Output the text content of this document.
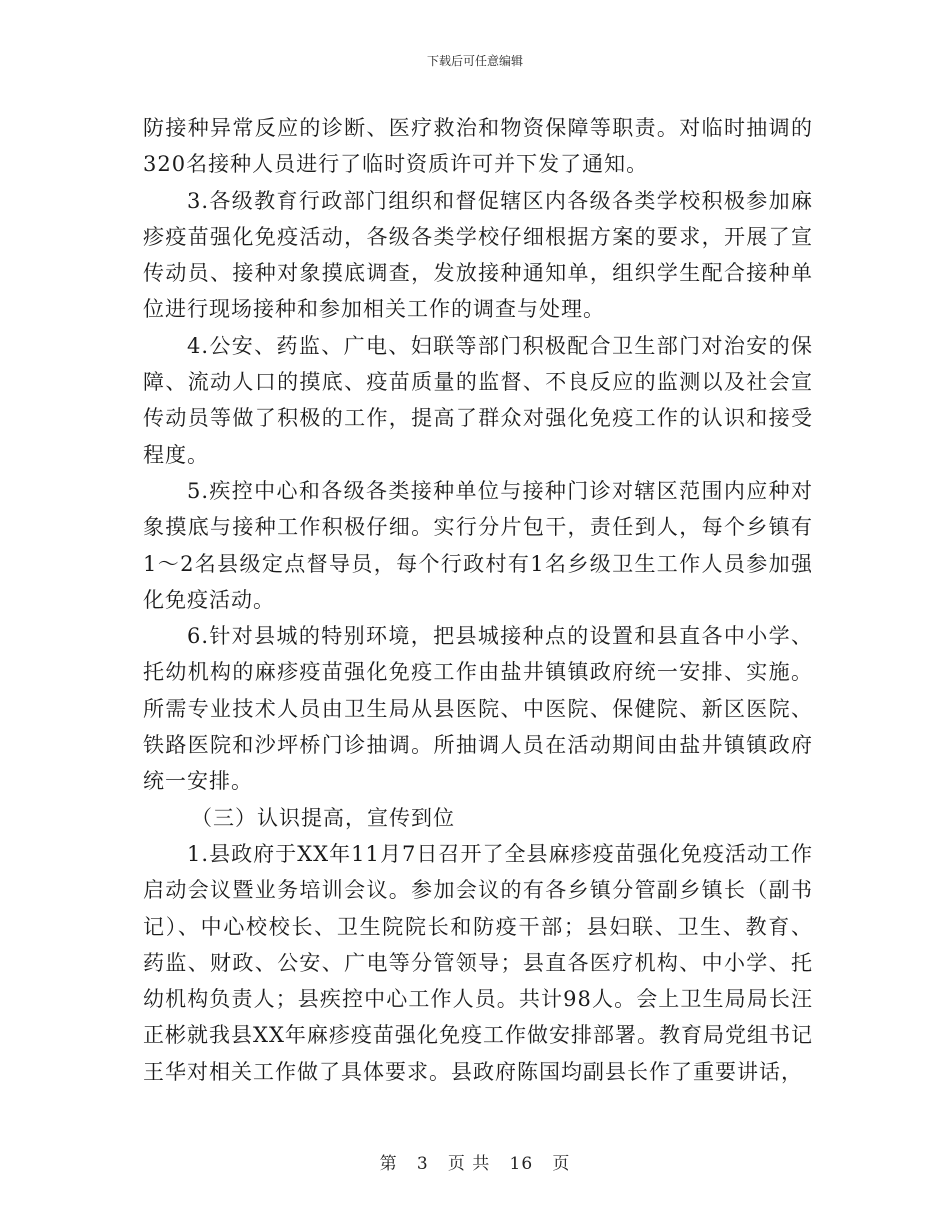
下载后可任意编辑

防接种异常反应的诊断、医疗救治和物资保障等职责。对临时抽调的320名接种人员进行了临时资质许可并下发了通知。

3.各级教育行政部门组织和督促辖区内各级各类学校积极参加麻疹疫苗强化免疫活动，各级各类学校仔细根据方案的要求，开展了宣传动员、接种对象摸底调查，发放接种通知单，组织学生配合接种单位进行现场接种和参加相关工作的调查与处理。

4.公安、药监、广电、妇联等部门积极配合卫生部门对治安的保障、流动人口的摸底、疫苗质量的监督、不良反应的监测以及社会宣传动员等做了积极的工作，提高了群众对强化免疫工作的认识和接受程度。

5.疾控中心和各级各类接种单位与接种门诊对辖区范围内应种对象摸底与接种工作积极仔细。实行分片包干，责任到人，每个乡镇有1～2名县级定点督导员，每个行政村有1名乡级卫生工作人员参加强化免疫活动。

6.针对县城的特别环境，把县城接种点的设置和县直各中小学、托幼机构的麻疹疫苗强化免疫工作由盐井镇镇政府统一安排、实施。所需专业技术人员由卫生局从县医院、中医院、保健院、新区医院、铁路医院和沙坪桥门诊抽调。所抽调人员在活动期间由盐井镇镇政府统一安排。

（三）认识提高，宣传到位

1.县政府于XX年11月7日召开了全县麻疹疫苗强化免疫活动工作启动会议暨业务培训会议。参加会议的有各乡镇分管副乡镇长（副书记）、中心校校长、卫生院院长和防疫干部；县妇联、卫生、教育、药监、财政、公安、广电等分管领导；县直各医疗机构、中小学、托幼机构负责人；县疾控中心工作人员。共计98人。会上卫生局局长汪正彬就我县XX年麻疹疫苗强化免疫工作做安排部署。教育局党组书记王华对相关工作做了具体要求。县政府陈国均副县长作了重要讲话，

第 3 页 共 16 页
